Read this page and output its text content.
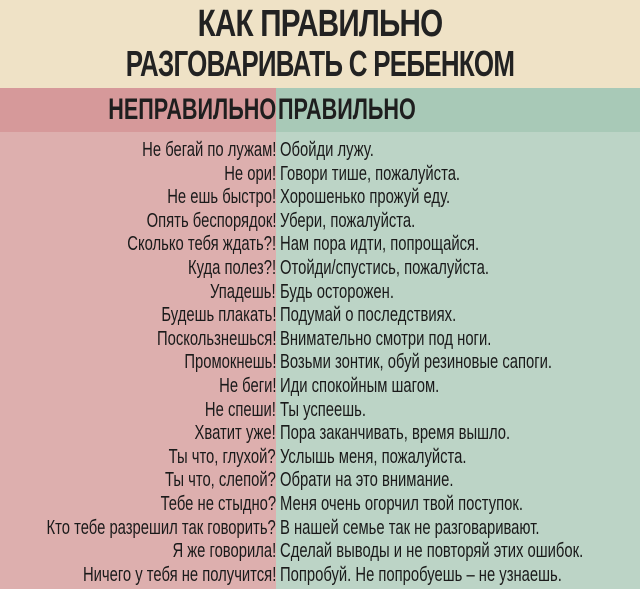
КАК ПРАВИЛЬНО
РАЗГОВАРИВАТЬ С РЕБЕНКОМ
НЕПРАВИЛЬНО ПРАВИЛЬНО
Не бегай по лужам! Обойди лужу.
Не ори! Говори тише, пожалуйста.
Не ешь быстро! Хорошенько прожуй еду.
Опять беспорядок! Убери, пожалуйста.
Сколько тебя ждать?! Нам пора идти, попрощайся.
Куда полез?! Отойди/спустись, пожалуйста.
Упадешь! Будь осторожен.
Будешь плакать! Подумай о последствиях.
Поскользнешься! Внимательно смотри под ноги.
Промокнешь! Возьми зонтик, обуй резиновые сапоги.
Не беги! Иди спокойным шагом.
Не спеши! Ты успеешь.
Хватит уже! Пора заканчивать, время вышло.
Ты что, глухой? Услышь меня, пожалуйста.
Ты что, слепой? Обрати на это внимание.
Тебе не стыдно? Меня очень огорчил твой поступок.
Кто тебе разрешил так говорить? В нашей семье так не разговаривают.
Я же говорила! Сделай выводы и не повторяй этих ошибок.
Ничего у тебя не получится! Попробуй. Не попробуешь – не узнаешь.
